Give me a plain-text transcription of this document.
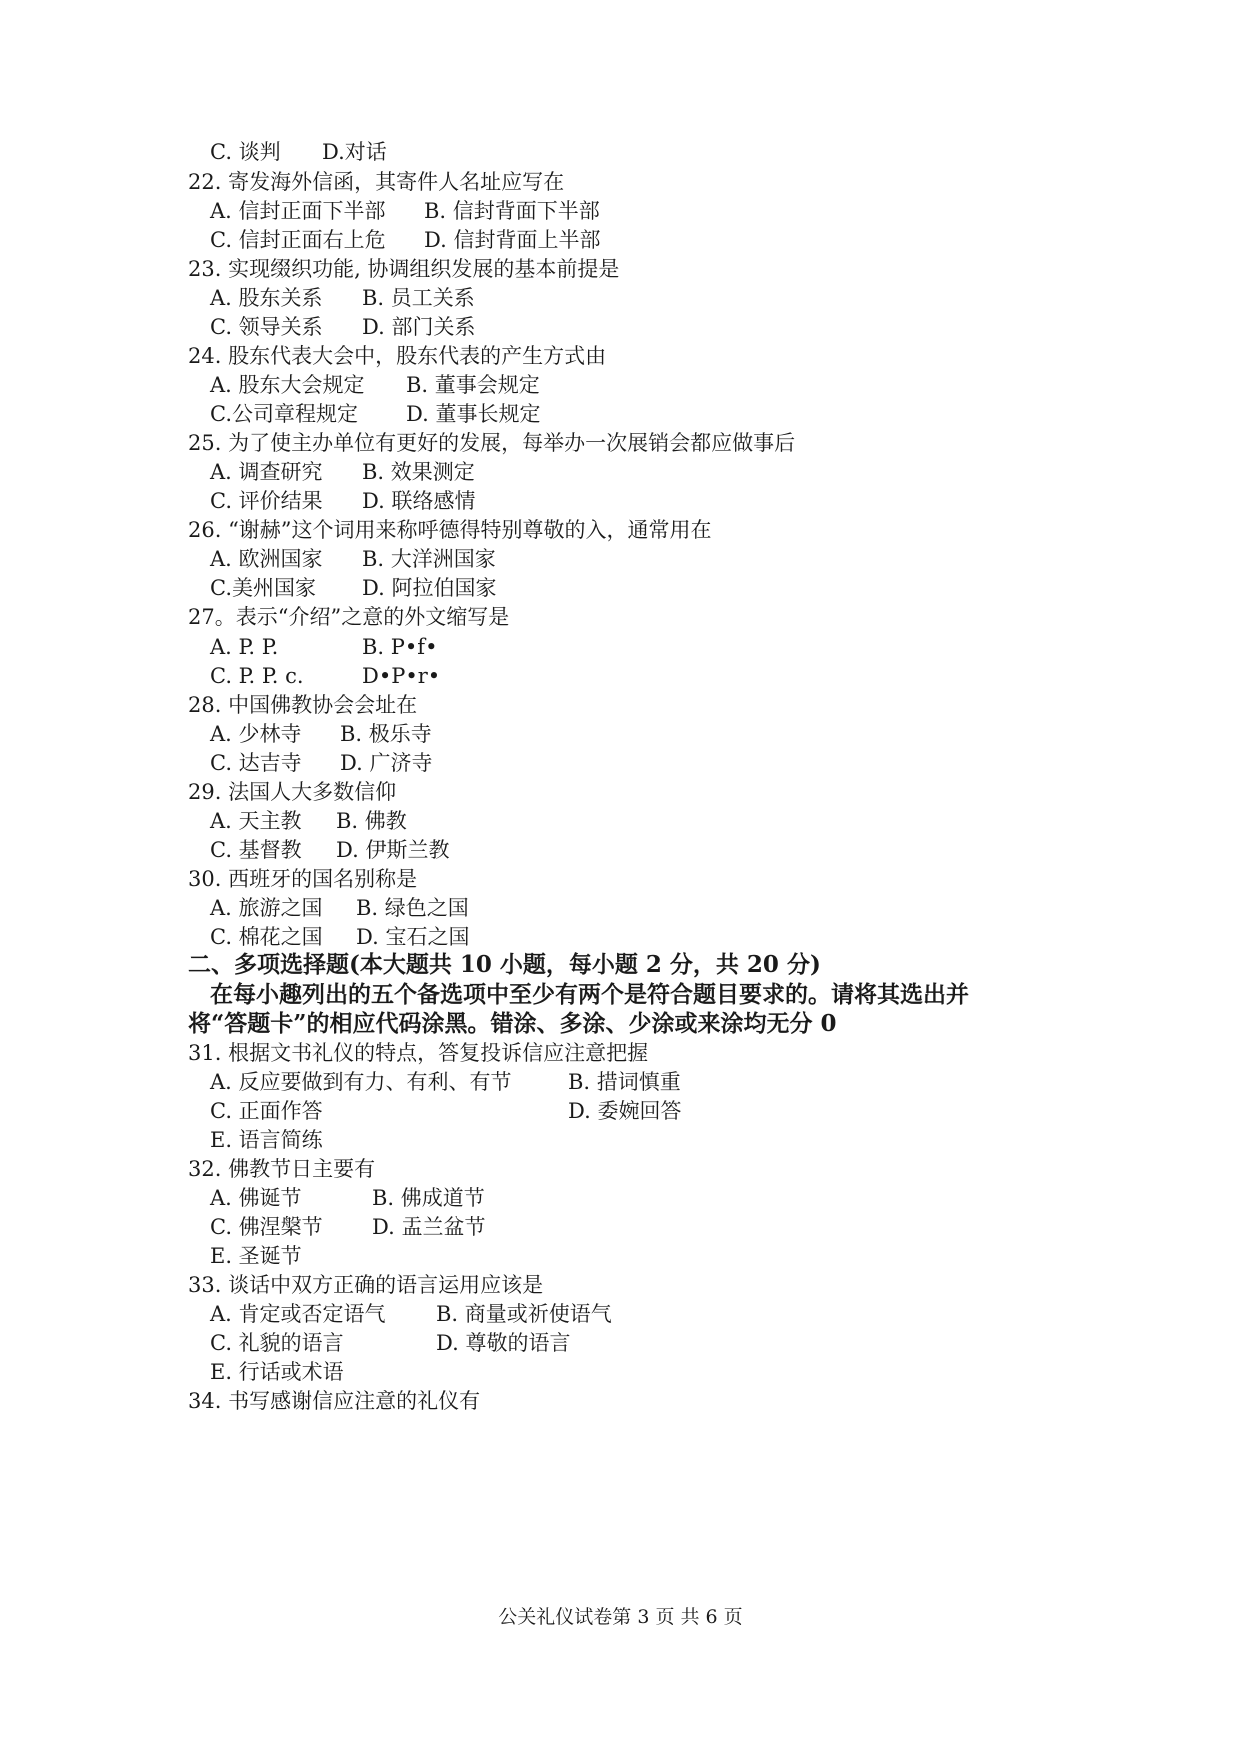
C. 谈判 D.对话
22. 寄发海外信函，其寄件人名址应写在
A. 信封正面下半部 B. 信封背面下半部
C. 信封正面右上危 D. 信封背面上半部
23. 实现缀织功能, 协调组织发展的基本前提是
A. 股东关系 B. 员工关系
C. 领导关系 D. 部门关系
24. 股东代表大会中，股东代表的产生方式由
A. 股东大会规定 B. 董事会规定
C.公司章程规定 D. 董事长规定
25. 为了使主办单位有更好的发展，每举办一次展销会都应做事后
A. 调查研究 B. 效果测定
C. 评价结果 D. 联络感情
26. “谢赫”这个词用来称呼德得特别尊敬的入，通常用在
A. 欧洲国家 B. 大洋洲国家
C.美州国家 D. 阿拉伯国家
27。表示“介绍”之意的外文缩写是
A. P. P.	B. P•f•
C. P. P. c.	D•P•r•
28. 中国佛教协会会址在
A. 少林寺 B. 极乐寺
C. 达吉寺 D. 广济寺
29. 法国人大多数信仰
A. 天主教 B. 佛教
C. 基督教 D. 伊斯兰教
30. 西班牙的国名别称是
A. 旅游之国 B. 绿色之国
C. 棉花之国 D. 宝石之国
二、多项选择题(本大题共 10 小题，每小题 2 分，共 20 分)
在每小趣列出的五个备选项中至少有两个是符合题目要求的。请将其选出并
将“答题卡”的相应代码涂黑。错涂、多涂、少涂或来涂均无分 0
31. 根据文书礼仪的特点，答复投诉信应注意把握
A. 反应要做到有力、有利、有节	B. 措词慎重
C. 正面作答	D. 委婉回答
E. 语言简练
32. 佛教节日主要有
A. 佛诞节	B. 佛成道节
C. 佛涅槃节 D. 盂兰盆节
E. 圣诞节
33. 谈话中双方正确的语言运用应该是
A. 肯定或否定语气 B. 商量或祈使语气
C. 礼貌的语言	D. 尊敬的语言
E. 行话或术语
34. 书写感谢信应注意的礼仪有
公关礼仪试卷第 3 页 共 6 页
